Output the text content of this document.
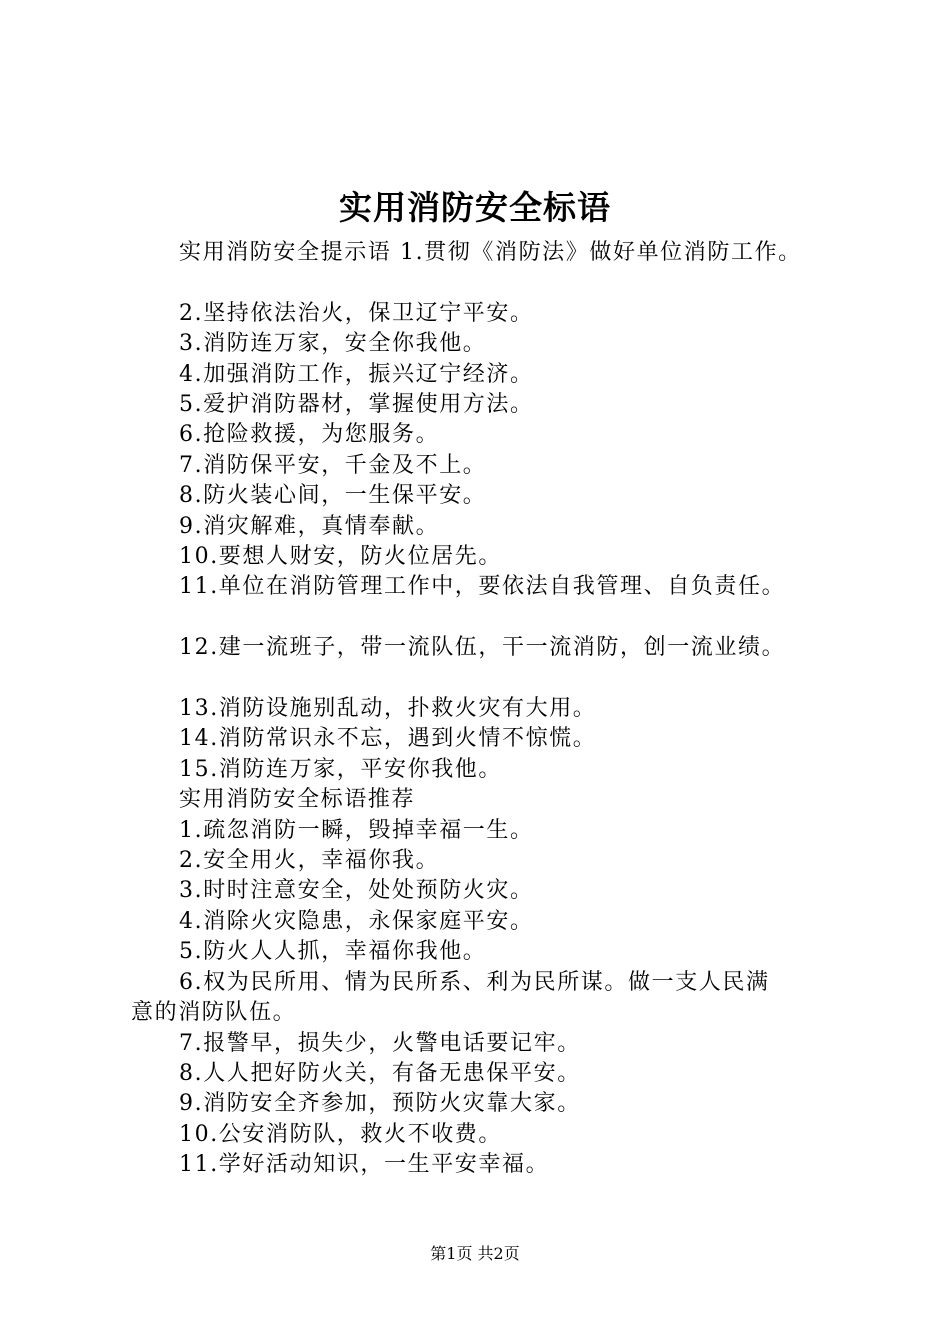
实用消防安全标语
实用消防安全提示语 1.贯彻《消防法》做好单位消防工作。
2.坚持依法治火，保卫辽宁平安。
3.消防连万家，安全你我他。
4.加强消防工作，振兴辽宁经济。
5.爱护消防器材，掌握使用方法。
6.抢险救援，为您服务。
7.消防保平安，千金及不上。
8.防火装心间，一生保平安。
9.消灾解难，真情奉献。
10.要想人财安，防火位居先。
11.单位在消防管理工作中，要依法自我管理、自负责任。
12.建一流班子，带一流队伍，干一流消防，创一流业绩。
13.消防设施别乱动，扑救火灾有大用。
14.消防常识永不忘，遇到火情不惊慌。
15.消防连万家，平安你我他。
实用消防安全标语推荐
1.疏忽消防一瞬，毁掉幸福一生。
2.安全用火，幸福你我。
3.时时注意安全，处处预防火灾。
4.消除火灾隐患，永保家庭平安。
5.防火人人抓，幸福你我他。
6.权为民所用、情为民所系、利为民所谋。做一支人民满
意的消防队伍。
7.报警早，损失少，火警电话要记牢。
8.人人把好防火关，有备无患保平安。
9.消防安全齐参加，预防火灾靠大家。
10.公安消防队，救火不收费。
11.学好活动知识，一生平安幸福。
第1页 共2页
